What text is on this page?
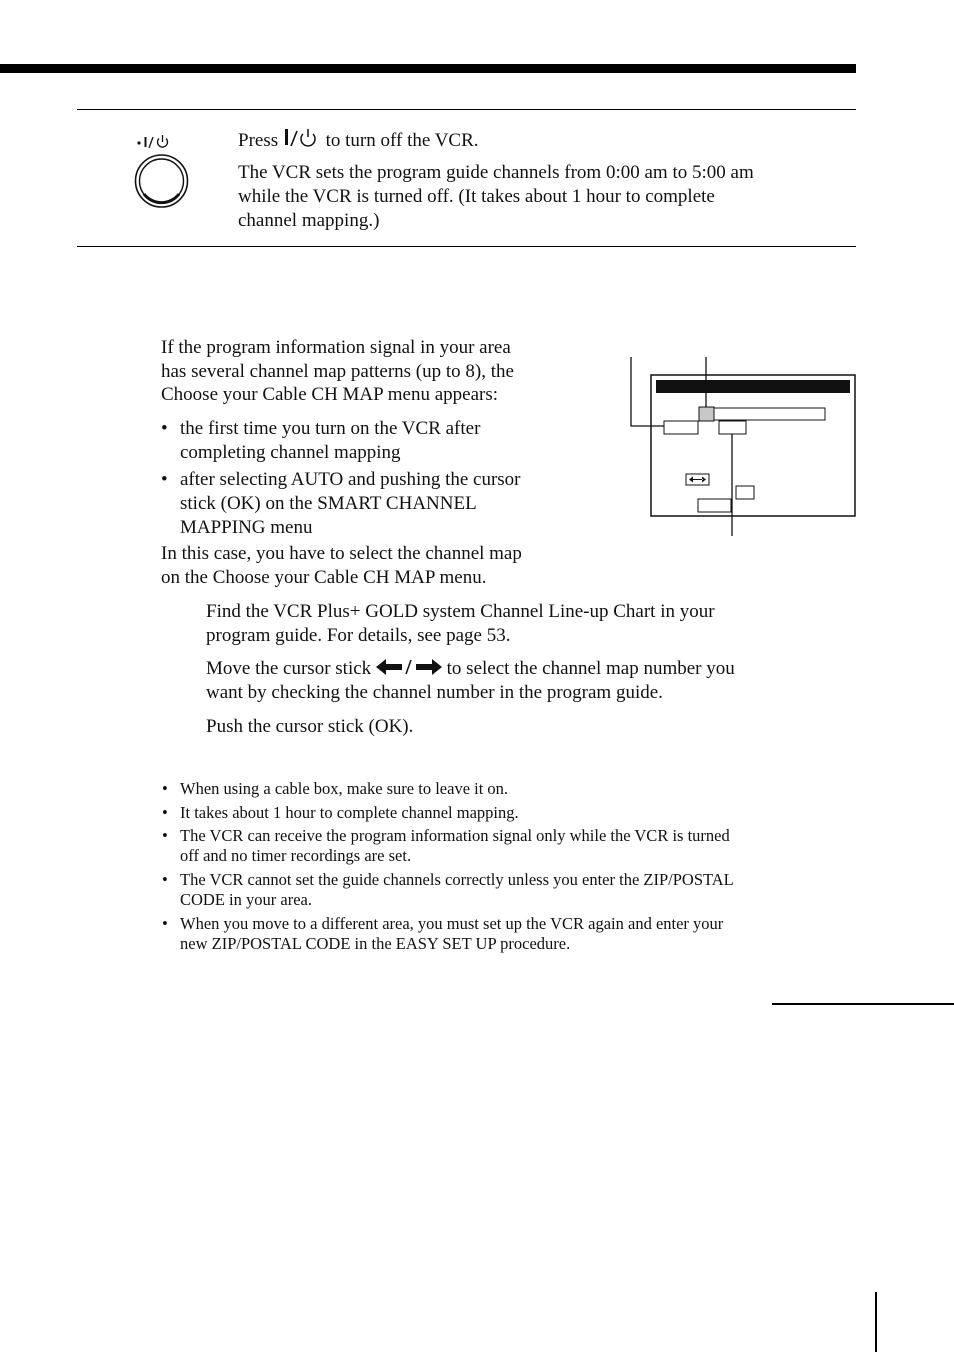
Press	to turn off the VCR.
The VCR sets the program guide channels from 0:00 am to 5:00 am
while the VCR is turned off. (It takes about 1 hour to complete
channel mapping.)
If the program information signal in your area
has several channel map patterns (up to 8), the
Choose your Cable CH MAP menu appears:
• the first time you turn on the VCR after
completing channel mapping
• after selecting AUTO and pushing the cursor
stick (OK) on the SMART CHANNEL
MAPPING menu
In this case, you have to select the channel map
on the Choose your Cable CH MAP menu.
Find the VCR Plus+ GOLD system Channel Line-up Chart in your
program guide. For details, see page 53.
Move the cursor stick	to select the channel map number you
want by checking the channel number in the program guide.
Push the cursor stick (OK).
• When using a cable box, make sure to leave it on.
• It takes about 1 hour to complete channel mapping.
• The VCR can receive the program information signal only while the VCR is turned
off and no timer recordings are set.
• The VCR cannot set the guide channels correctly unless you enter the ZIP/POSTAL
CODE in your area.
• When you move to a different area, you must set up the VCR again and enter your
new ZIP/POSTAL CODE in the EASY SET UP procedure.
